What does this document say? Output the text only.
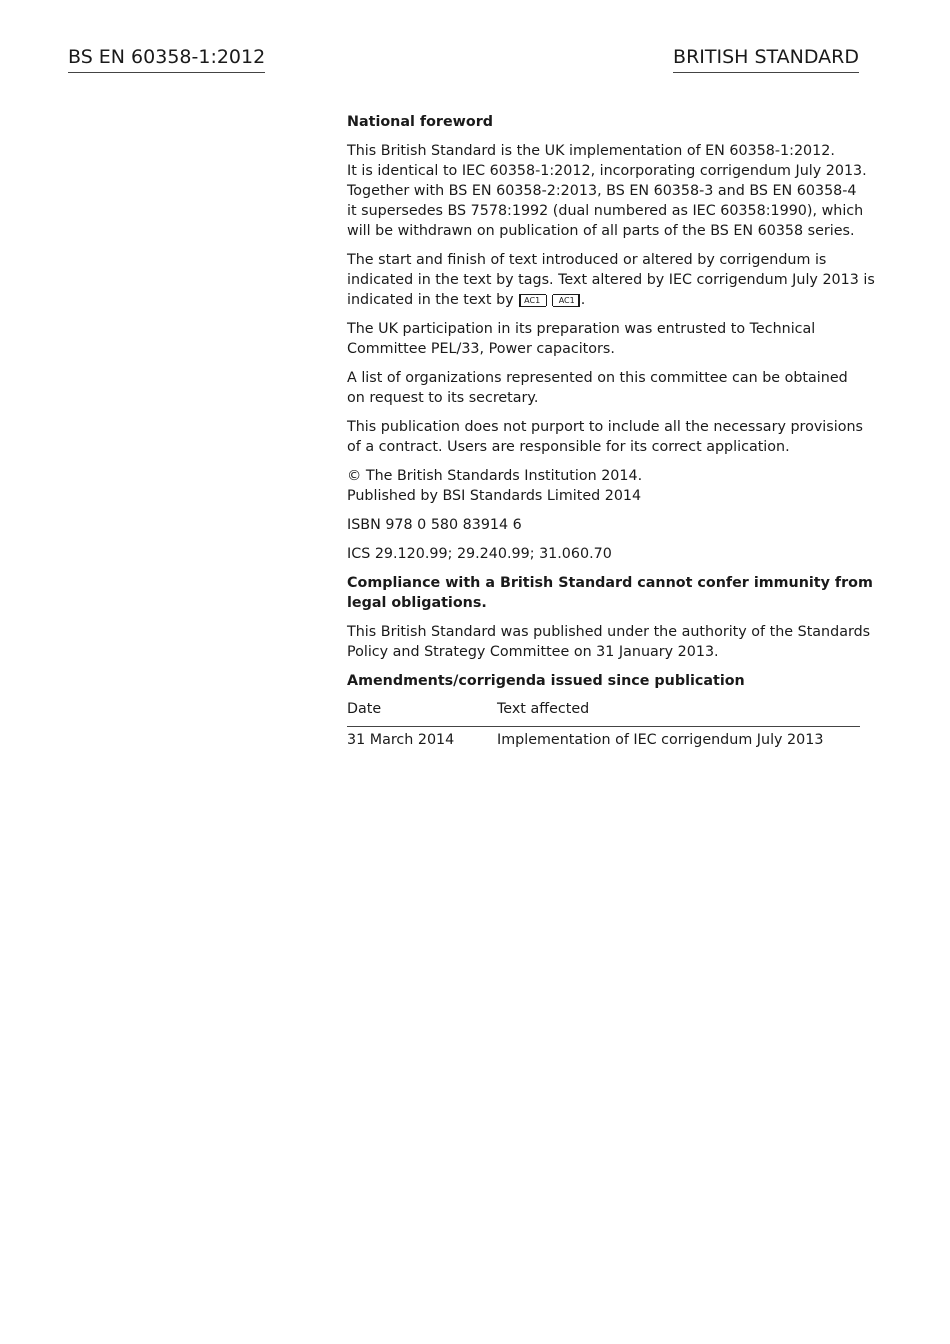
BS EN 60358-1:2012	BRITISH STANDARD

National foreword

This British Standard is the UK implementation of EN 60358-1:2012.
It is identical to IEC 60358-1:2012, incorporating corrigendum July 2013.
Together with BS EN 60358-2:2013, BS EN 60358-3 and BS EN 60358-4
it supersedes BS 7578:1992 (dual numbered as IEC 60358:1990), which
will be withdrawn on publication of all parts of the BS EN 60358 series.

The start and finish of text introduced or altered by corrigendum is
indicated in the text by tags. Text altered by IEC corrigendum July 2013 is
indicated in the text by AC1 AC1 .

The UK participation in its preparation was entrusted to Technical
Committee PEL/33, Power capacitors.

A list of organizations represented on this committee can be obtained
on request to its secretary.

This publication does not purport to include all the necessary provisions
of a contract. Users are responsible for its correct application.

© The British Standards Institution 2014.
Published by BSI Standards Limited 2014

ISBN 978 0 580 83914 6

ICS 29.120.99; 29.240.99; 31.060.70

Compliance with a British Standard cannot confer immunity from
legal obligations.

This British Standard was published under the authority of the Standards
Policy and Strategy Committee on 31 January 2013.

Amendments/corrigenda issued since publication

Date	Text affected
31 March 2014	Implementation of IEC corrigendum July 2013
